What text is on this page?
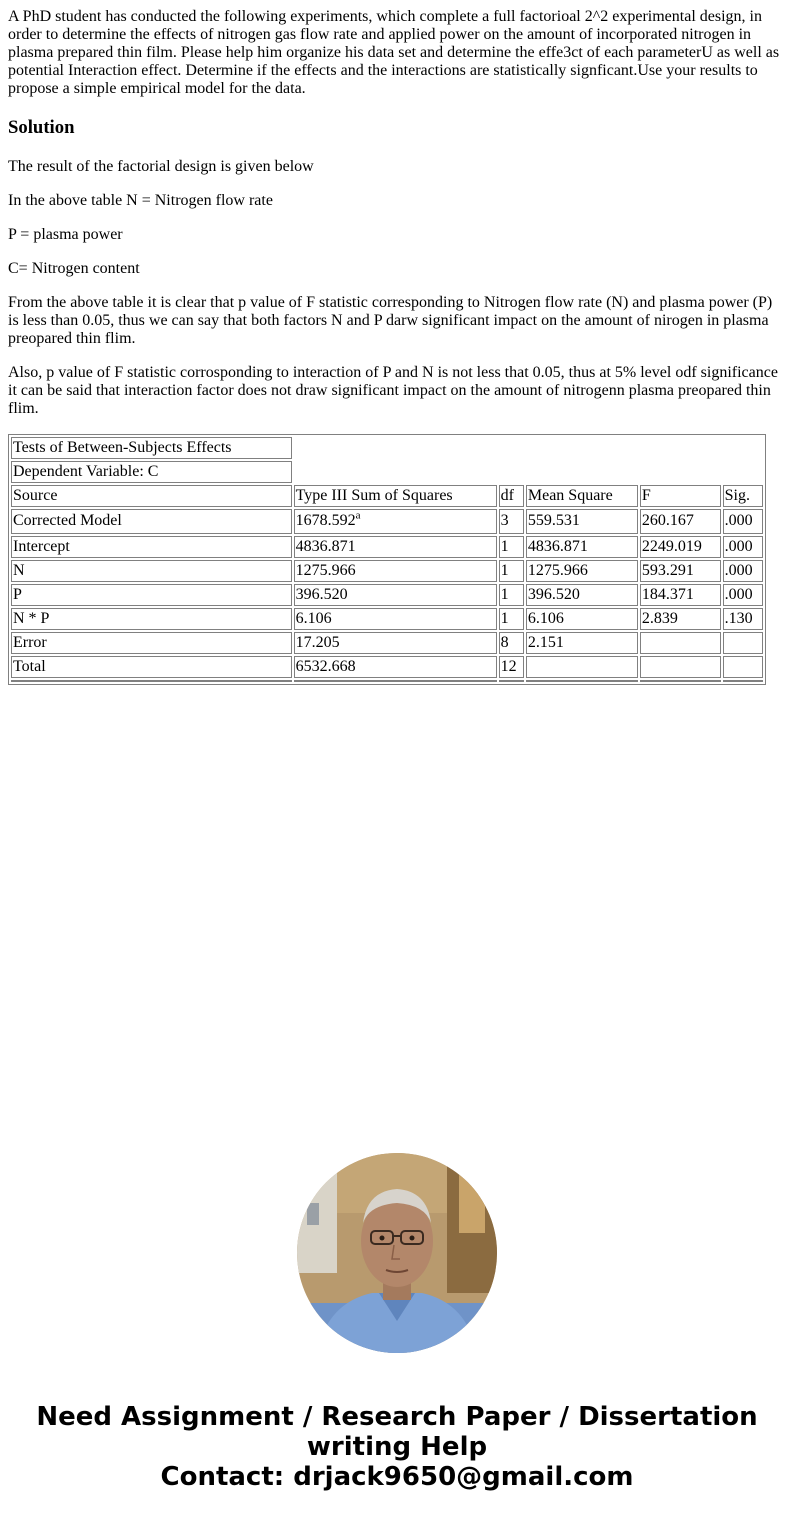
A PhD student has conducted the following experiments, which complete a full factorioal 2^2 experimental design, in order to determine the effects of nitrogen gas flow rate and applied power on the amount of incorporated nitrogen in plasma prepared thin film. Please help him organize his data set and determine the effe3ct of each parameterU as well as potential Interaction effect. Determine if the effects and the interactions are statistically signficant.Use your results to propose a simple empirical model for the data.

Solution

The result of the factorial design is given below

In the above table N = Nitrogen flow rate

P = plasma power

C= Nitrogen content

From the above table it is clear that p value of F statistic corresponding to Nitrogen flow rate (N) and plasma power (P) is less than 0.05, thus we can say that both factors N and P darw significant impact on the amount of nirogen in plasma preopared thin flim.

Also, p value of F statistic corrosponding to interaction of P and N is not less that 0.05, thus at 5% level odf significance it can be said that interaction factor does not draw significant impact on the amount of nitrogenn plasma preopared thin flim.

Tests of Between-Subjects Effects					
Dependent Variable: C					
Source	Type III Sum of Squares	df	Mean Square	F	Sig.
Corrected Model	1678.592$^a$	3	559.531	260.167	.000
Intercept	4836.871	1	4836.871	2249.019	.000
N	1275.966	1	1275.966	593.291	.000
P	396.520	1	396.520	184.371	.000
N * P	6.106	1	6.106	2.839	.130
Error	17.205	8	2.151		
Total	6532.668	12			

Need Assignment / Research Paper / Dissertation
writing Help
Contact: drjack9650@gmail.com
